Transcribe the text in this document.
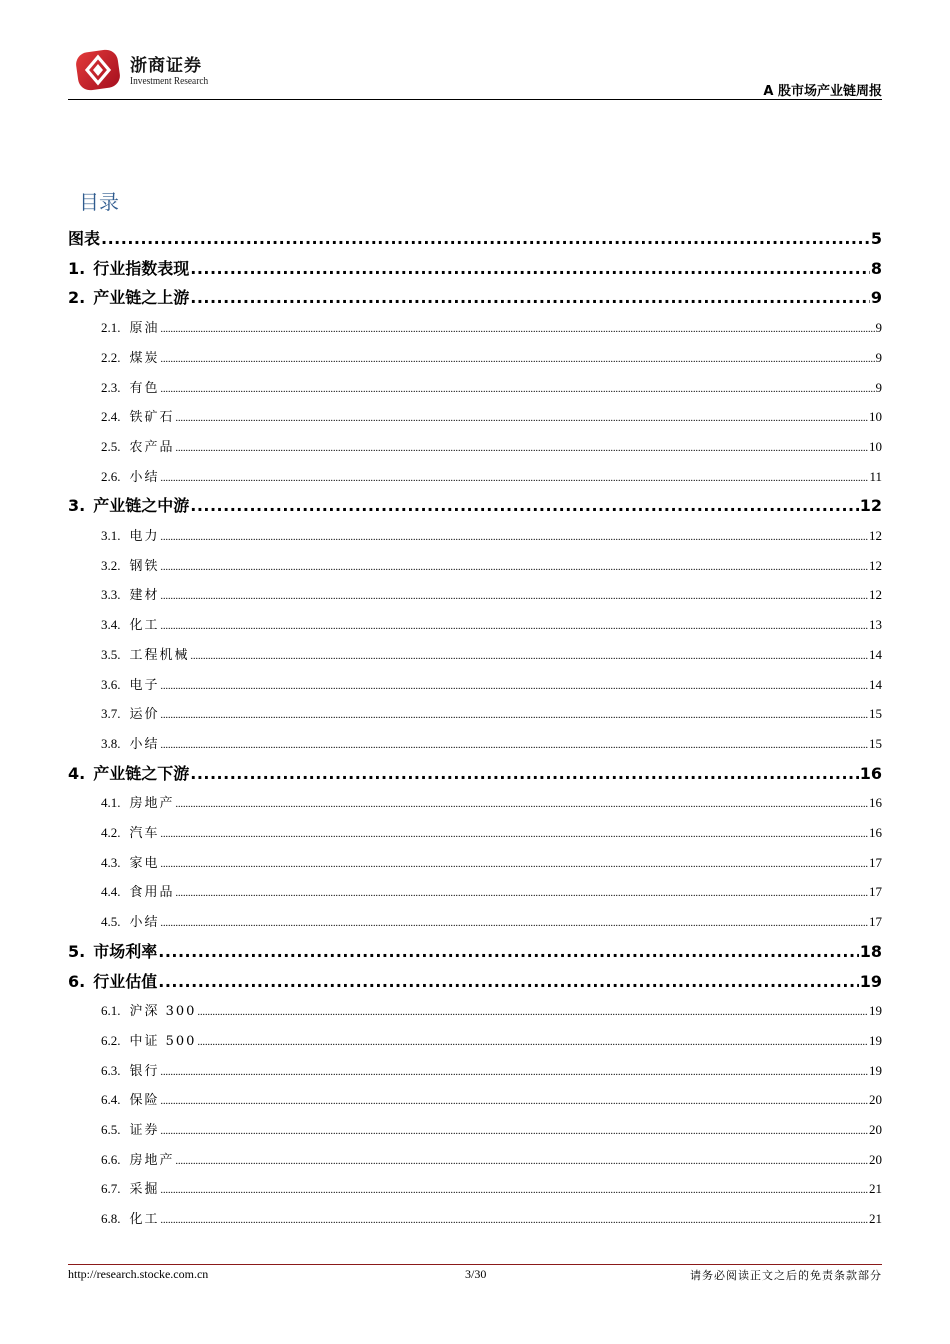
浙商证券
Investment Research
A 股市场产业链周报
目录
图表 .....	5
1. 行业指数表现 .....	8
2. 产业链之上游 .....	9
2.1. 原油 .....	9
2.2. 煤炭 .....	9
2.3. 有色 .....	9
2.4. 铁矿石 .....	10
2.5. 农产品 .....	10
2.6. 小结 .....	11
3. 产业链之中游 .....	12
3.1. 电力 .....	12
3.2. 钢铁 .....	12
3.3. 建材 .....	12
3.4. 化工 .....	13
3.5. 工程机械 .....	14
3.6. 电子 .....	14
3.7. 运价 .....	15
3.8. 小结 .....	15
4. 产业链之下游 .....	16
4.1. 房地产 .....	16
4.2. 汽车 .....	16
4.3. 家电 .....	17
4.4. 食用品 .....	17
4.5. 小结 .....	17
5. 市场利率 .....	18
6. 行业估值 .....	19
6.1. 沪深 300 .....	19
6.2. 中证 500 .....	19
6.3. 银行 .....	19
6.4. 保险 .....	20
6.5. 证券 .....	20
6.6. 房地产 .....	20
6.7. 采掘 .....	21
6.8. 化工 .....	21
http://research.stocke.com.cn	3/30	请务必阅读正文之后的免责条款部分
